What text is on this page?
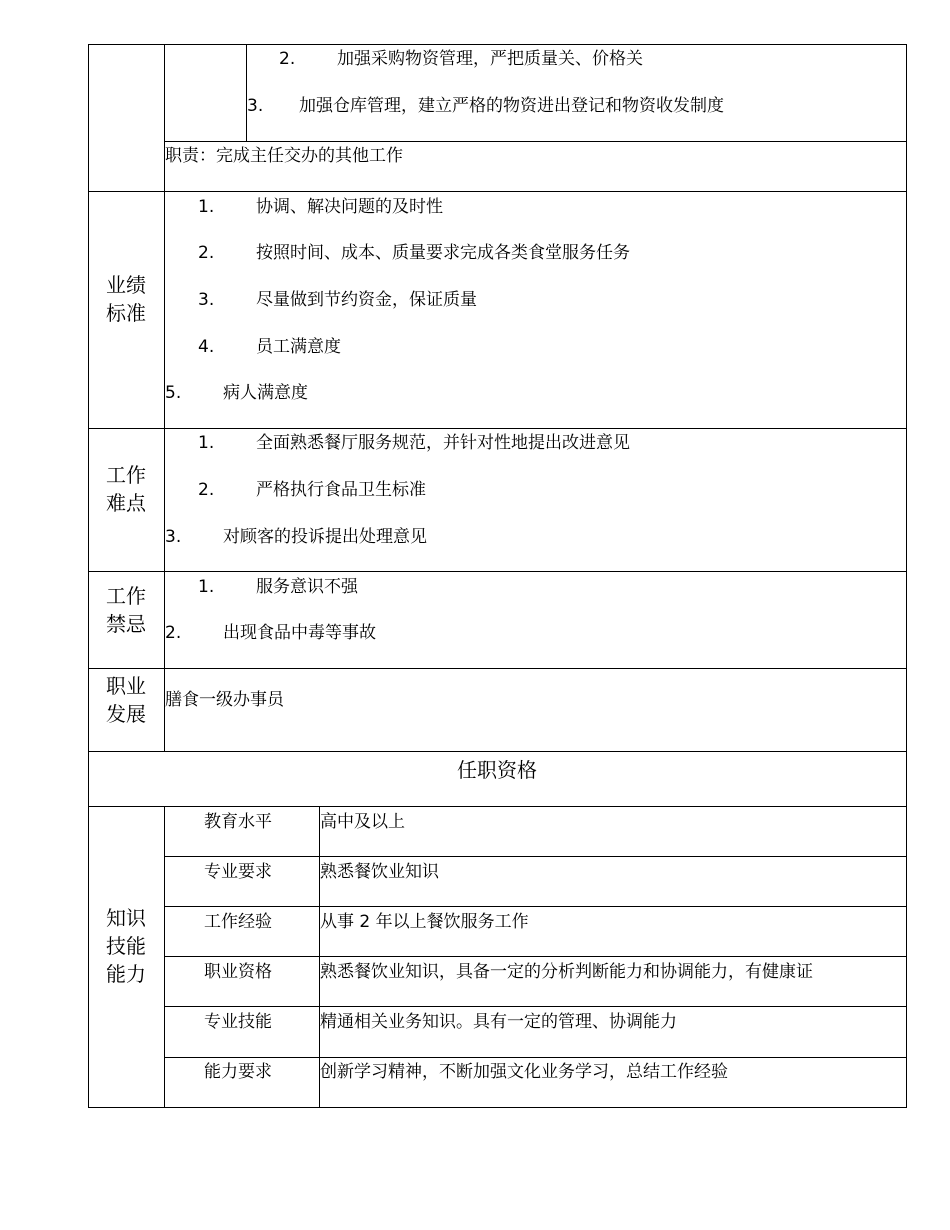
2. 加强采购物资管理，严把质量关、价格关
3. 加强仓库管理，建立严格的物资进出登记和物资收发制度
职责：完成主任交办的其他工作
业绩
标准
1. 协调、解决问题的及时性
2. 按照时间、成本、质量要求完成各类食堂服务任务
3. 尽量做到节约资金，保证质量
4. 员工满意度
5. 病人满意度
工作
难点
1. 全面熟悉餐厅服务规范，并针对性地提出改进意见
2. 严格执行食品卫生标准
3. 对顾客的投诉提出处理意见
工作
禁忌
1. 服务意识不强
2. 出现食品中毒等事故
职业
发展
膳食一级办事员
任职资格
知识
技能
能力
教育水平	高中及以上
专业要求	熟悉餐饮业知识
工作经验	从事 2 年以上餐饮服务工作
职业资格	熟悉餐饮业知识，具备一定的分析判断能力和协调能力，有健康证
专业技能	精通相关业务知识。具有一定的管理、协调能力
能力要求	创新学习精神，不断加强文化业务学习，总结工作经验
